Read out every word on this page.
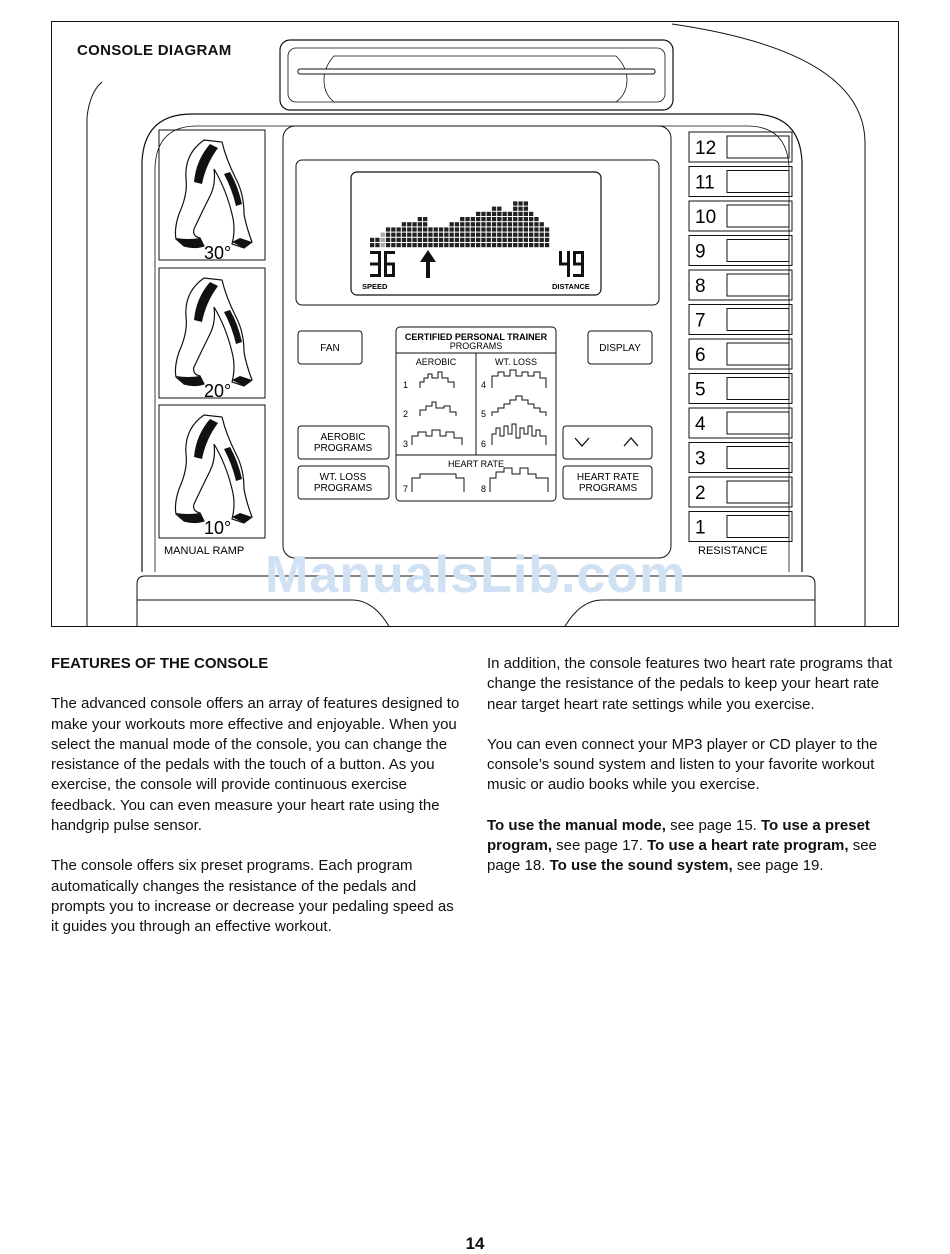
SPEED	DISTANCE
30°
20°
10°
MANUAL RAMP
FAN
AEROBIC
PROGRAMS
WT. LOSS
PROGRAMS
DISPLAY
HEART RATE
PROGRAMS
CERTIFIED PERSONAL TRAINER
PROGRAMS
AEROBIC	WT. LOSS
HEART RATE
1
2
3
4
5
6
7	8
12
11
10
9
8
7
6
5
4
3
2
1
RESISTANCE
CONSOLE DIAGRAM
ManualsLib.com
FEATURES OF THE CONSOLE

The advanced console offers an array of features designed to make your workouts more effective and enjoyable. When you select the manual mode of the console, you can change the resistance of the pedals with the touch of a button. As you exercise, the console will provide continuous exercise feedback. You can even measure your heart rate using the handgrip pulse sensor.

The console offers six preset programs. Each program automatically changes the resistance of the pedals and prompts you to increase or decrease your pedaling speed as it guides you through an effective workout.

In addition, the console features two heart rate programs that change the resistance of the pedals to keep your heart rate near target heart rate settings while you exercise.

You can even connect your MP3 player or CD player to the console’s sound system and listen to your favorite workout music or audio books while you exercise.

To use the manual mode, see page 15. To use a preset program, see page 17. To use a heart rate program, see page 18. To use the sound system, see page 19.

14
